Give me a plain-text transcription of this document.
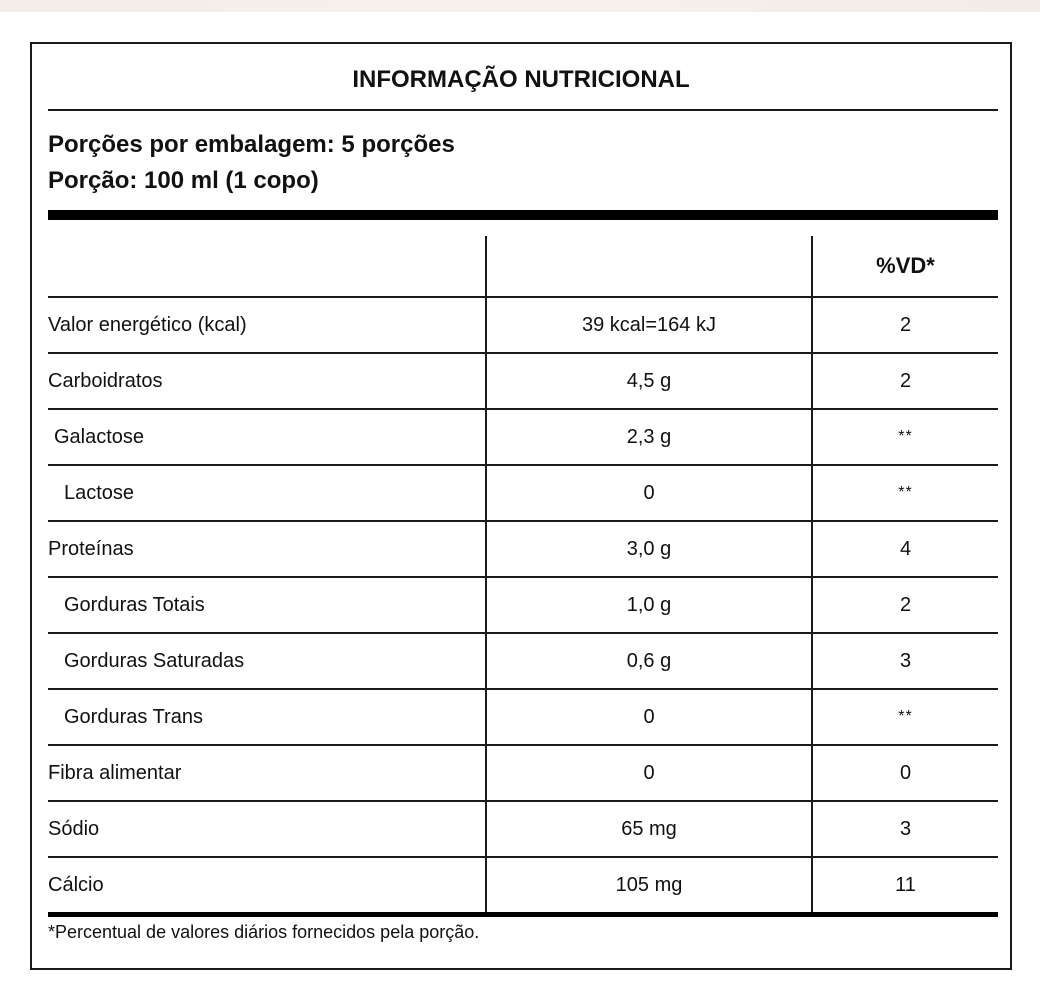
INFORMAÇÃO NUTRICIONAL
Porções por embalagem: 5 porções
Porção: 100 ml (1 copo)
		%VD*
Valor energético (kcal)	39 kcal=164 kJ	2
Carboidratos	4,5 g	2
Galactose	2,3 g	**
Lactose	0	**
Proteínas	3,0 g	4
Gorduras Totais	1,0 g	2
Gorduras Saturadas	0,6 g	3
Gorduras Trans	0	**
Fibra alimentar	0	0
Sódio	65 mg	3
Cálcio	105 mg	11
*Percentual de valores diários fornecidos pela porção.
